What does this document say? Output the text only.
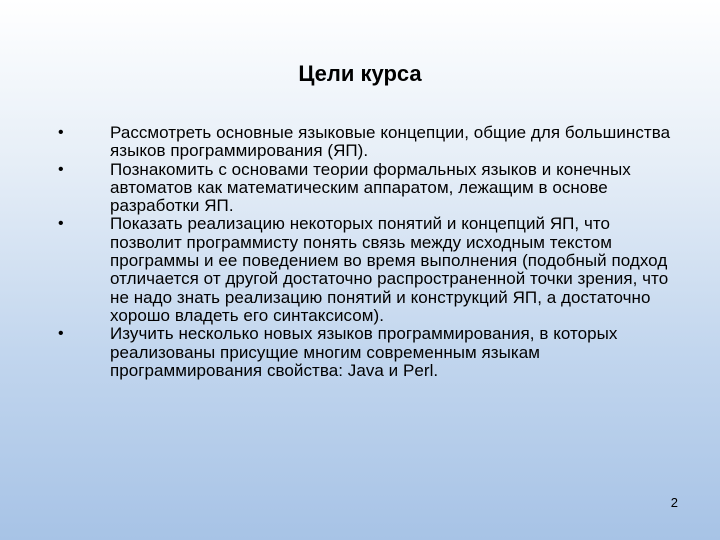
Цели курса
•	Рассмотреть основные языковые концепции, общие для большинства языков программирования (ЯП).
•	Познакомить с основами теории формальных языков и конечных автоматов как математическим аппаратом, лежащим в основе разработки ЯП.
•	Показать реализацию некоторых понятий и концепций ЯП, что позволит программисту понять связь между исходным текстом программы и ее поведением во время выполнения (подобный подход отличается от другой достаточно распространенной точки зрения, что не надо знать реализацию понятий и конструкций ЯП, а достаточно хорошо владеть его синтаксисом).
•	Изучить несколько новых языков программирования, в которых реализованы присущие многим современным языкам программирования свойства: Java и Perl.
2
